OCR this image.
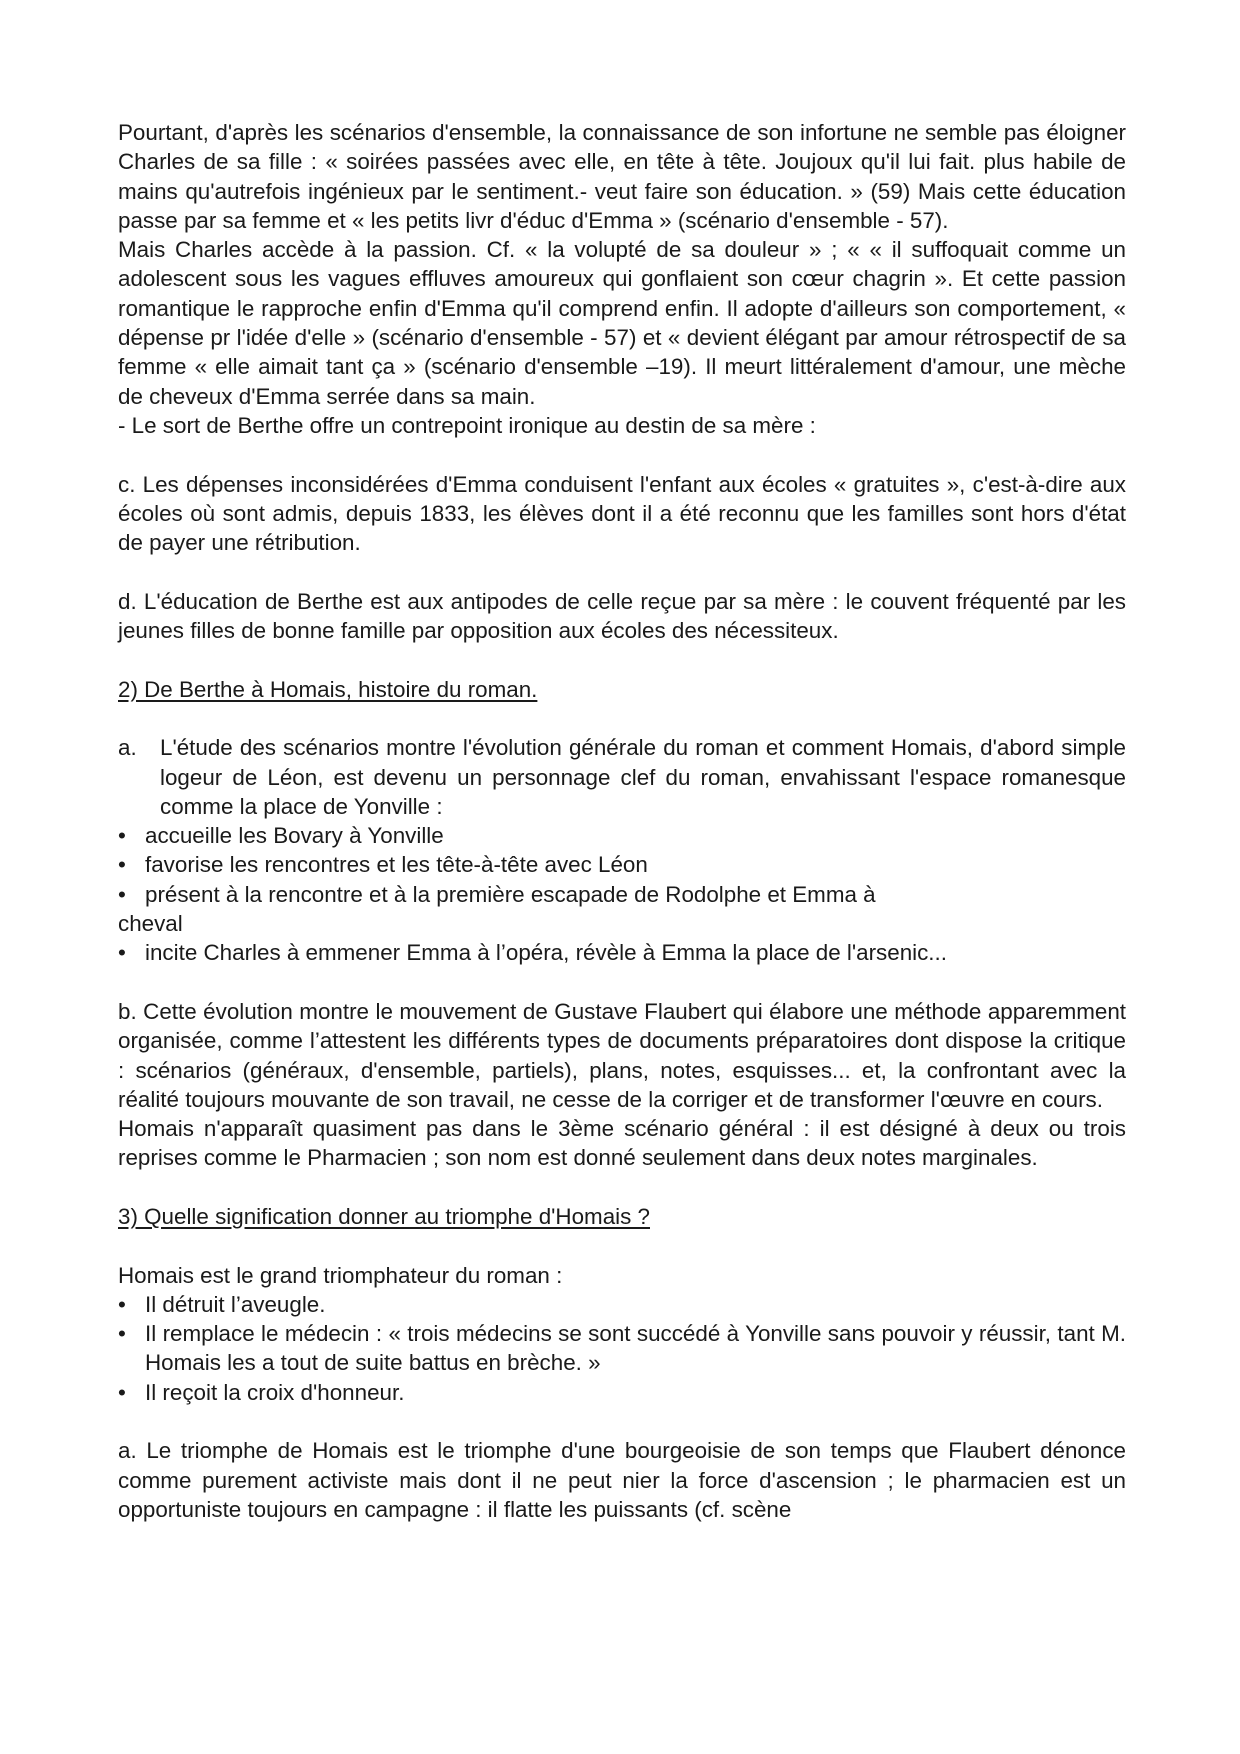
Pourtant, d'après les scénarios d'ensemble, la connaissance de son infortune ne semble pas éloigner Charles de sa fille : « soirées passées avec elle, en tête à tête. Joujoux qu'il lui fait. plus habile de mains qu'autrefois ingénieux par le sentiment.- veut faire son éducation. » (59) Mais cette éducation passe par sa femme et « les petits livr d'éduc d'Emma » (scénario d'ensemble - 57).

Mais Charles accède à la passion. Cf. « la volupté de sa douleur » ; « « il suffoquait comme un adolescent sous les vagues effluves amoureux qui gonflaient son cœur chagrin ». Et cette passion romantique le rapproche enfin d'Emma qu'il comprend enfin. Il adopte d'ailleurs son comportement, « dépense pr l'idée d'elle » (scénario d'ensemble - 57) et « devient élégant par amour rétrospectif de sa femme « elle aimait tant ça » (scénario d'ensemble –19). Il meurt littéralement d'amour, une mèche de cheveux d'Emma serrée dans sa main.

- Le sort de Berthe offre un contrepoint ironique au destin de sa mère :

c. Les dépenses inconsidérées d'Emma conduisent l'enfant aux écoles « gratuites », c'est-à-dire aux écoles où sont admis, depuis 1833, les élèves dont il a été reconnu que les familles sont hors d'état de payer une rétribution.

d. L'éducation de Berthe est aux antipodes de celle reçue par sa mère : le couvent fréquenté par les jeunes filles de bonne famille par opposition aux écoles des nécessiteux.

2) De Berthe à Homais, histoire du roman.

a.	L'étude des scénarios montre l'évolution générale du roman et comment Homais, d'abord simple logeur de Léon, est devenu un personnage clef du roman, envahissant l'espace romanesque comme la place de Yonville :
• accueille les Bovary à Yonville
• favorise les rencontres et les tête-à-tête avec Léon
• présent à la rencontre et à la première escapade de Rodolphe et Emma à

cheval

• incite Charles à emmener Emma à l’opéra, révèle à Emma la place de l'arsenic...

b. Cette évolution montre le mouvement de Gustave Flaubert qui élabore une méthode apparemment organisée, comme l’attestent les différents types de documents préparatoires dont dispose la critique : scénarios (généraux, d'ensemble, partiels), plans, notes, esquisses... et, la confrontant avec la réalité toujours mouvante de son travail, ne cesse de la corriger et de transformer l'œuvre en cours.

Homais n'apparaît quasiment pas dans le 3ème scénario général : il est désigné à deux ou trois reprises comme le Pharmacien ; son nom est donné seulement dans deux notes marginales.

3) Quelle signification donner au triomphe d'Homais ?

Homais est le grand triomphateur du roman :

• Il détruit l’aveugle.
• Il remplace le médecin : « trois médecins se sont succédé à Yonville sans pouvoir y réussir, tant M. Homais les a tout de suite battus en brèche. »
• Il reçoit la croix d'honneur.

a. Le triomphe de Homais est le triomphe d'une bourgeoisie de son temps que Flaubert dénonce comme purement activiste mais dont il ne peut nier la force d'ascension ; le pharmacien est un opportuniste toujours en campagne : il flatte les puissants (cf. scène
